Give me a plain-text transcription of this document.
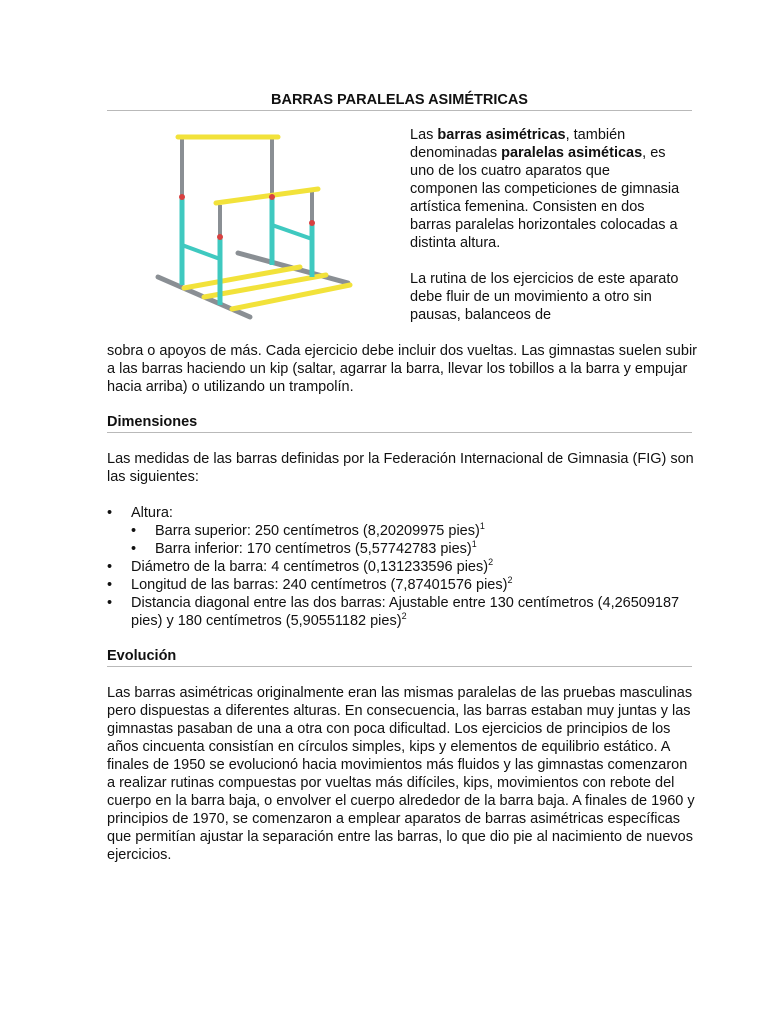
BARRAS PARALELAS ASIMÉTRICAS

Las barras asimétricas, también denominadas paralelas asiméticas, es uno de los cuatro aparatos que componen las competiciones de gimnasia artística femenina. Consisten en dos barras paralelas horizontales colocadas a distinta altura.

La rutina de los ejercicios de este aparato debe fluir de un movimiento a otro sin pausas, balanceos de

sobra o apoyos de más. Cada ejercicio debe incluir dos vueltas. Las gimnastas suelen subir a las barras haciendo un kip (saltar, agarrar la barra, llevar los tobillos a la barra y empujar hacia arriba) o utilizando un trampolín.

Dimensiones

Las medidas de las barras definidas por la Federación Internacional de Gimnasia (FIG) son las siguientes:

• Altura:
• Barra superior: 250 centímetros (8,20209975 pies)$^1$
• Barra inferior: 170 centímetros (5,57742783 pies)$^1$
• Diámetro de la barra: 4 centímetros (0,131233596 pies)$^2$
• Longitud de las barras: 240 centímetros (7,87401576 pies)$^2$
• Distancia diagonal entre las dos barras: Ajustable entre 130 centímetros (4,26509187 pies) y 180 centímetros (5,90551182 pies)$^2$
Evolución

Las barras asimétricas originalmente eran las mismas paralelas de las pruebas masculinas pero dispuestas a diferentes alturas. En consecuencia, las barras estaban muy juntas y las gimnastas pasaban de una a otra con poca dificultad. Los ejercicios de principios de los años cincuenta consistían en círculos simples, kips y elementos de equilibrio estático. A finales de 1950 se evolucionó hacia movimientos más fluidos y las gimnastas comenzaron a realizar rutinas compuestas por vueltas más difíciles, kips, movimientos con rebote del cuerpo en la barra baja, o envolver el cuerpo alrededor de la barra baja. A finales de 1960 y principios de 1970, se comenzaron a emplear aparatos de barras asimétricas específicas que permitían ajustar la separación entre las barras, lo que dio pie al nacimiento de nuevos ejercicios.
